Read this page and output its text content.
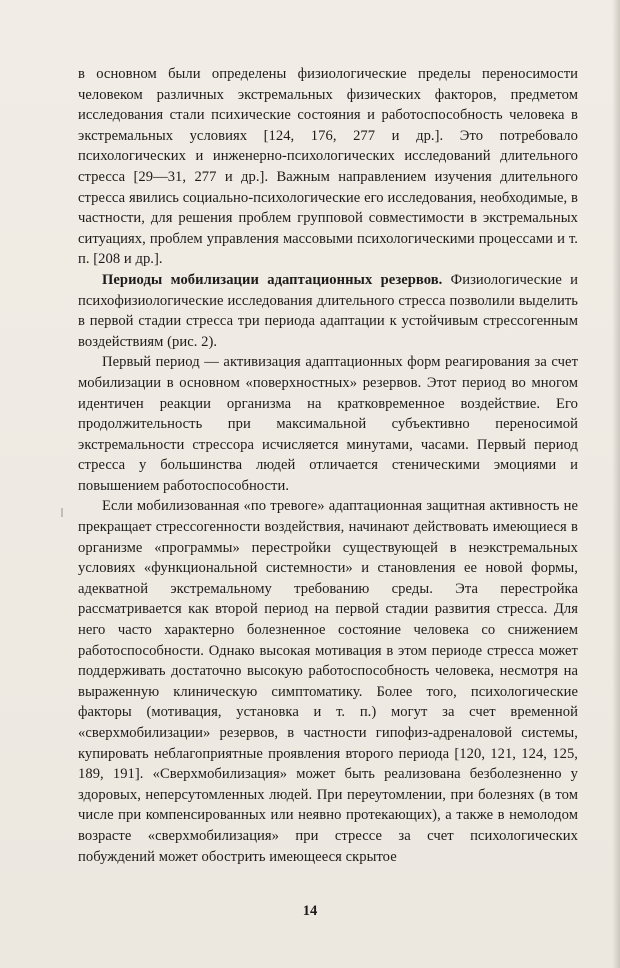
в основном были определены физиологические пределы переносимости человеком различных экстремальных физических факторов, предметом исследования стали психические состояния и работоспособность человека в экстремальных условиях [124, 176, 277 и др.]. Это потребовало психологических и инженерно-психологических исследований длительного стресса [29—31, 277 и др.]. Важным направлением изучения длительного стресса явились социально-психологические его исследования, необходимые, в частности, для решения проблем групповой совместимости в экстремальных ситуациях, проблем управления массовыми психологическими процессами и т. п. [208 и др.].

Периоды мобилизации адаптационных резервов. Физиологические и психофизиологические исследования длительного стресса позволили выделить в первой стадии стресса три периода адаптации к устойчивым стрессогенным воздействиям (рис. 2).

Первый период — активизация адаптационных форм реагирования за счет мобилизации в основном «поверхностных» резервов. Этот период во многом идентичен реакции организма на кратковременное воздействие. Его продолжительность при максимальной субъективно переносимой экстремальности стрессора исчисляется минутами, часами. Первый период стресса у большинства людей отличается стеническими эмоциями и повышением работоспособности.

Если мобилизованная «по тревоге» адаптационная защитная активность не прекращает стрессогенности воздействия, начинают действовать имеющиеся в организме «программы» перестройки существующей в неэкстремальных условиях «функциональной системности» и становления ее новой формы, адекватной экстремальному требованию среды. Эта перестройка рассматривается как второй период на первой стадии развития стресса. Для него часто характерно болезненное состояние человека со снижением работоспособности. Однако высокая мотивация в этом периоде стресса может поддерживать достаточно высокую работоспособность человека, несмотря на выраженную клиническую симптоматику. Более того, психологические факторы (мотивация, установка и т. п.) могут за счет временной «сверхмобилизации» резервов, в частности гипофиз-адреналовой системы, купировать неблагоприятные проявления второго периода [120, 121, 124, 125, 189, 191]. «Сверхмобилизация» может быть реализована безболезненно у здоровых, неперсутомленных людей. При переутомлении, при болезнях (в том числе при компенсированных или неявно протекающих), а также в немолодом возрасте «сверхмобилизация» при стрессе за счет психологических побуждений может обострить имеющееся скрытое

14
